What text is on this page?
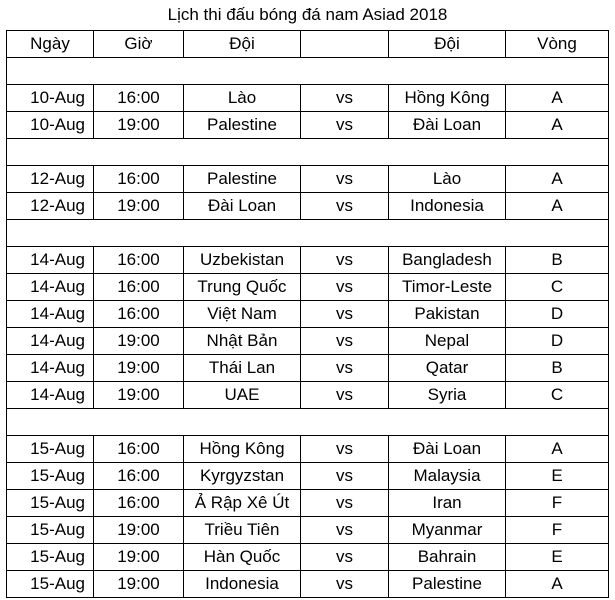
Lịch thi đấu bóng đá nam Asiad 2018
Ngày	Giờ	Đội		Đội	Vòng

10-Aug	16:00	Lào	vs	Hồng Kông	A
10-Aug	19:00	Palestine	vs	Đài Loan	A

12-Aug	16:00	Palestine	vs	Lào	A
12-Aug	19:00	Đài Loan	vs	Indonesia	A

14-Aug	16:00	Uzbekistan	vs	Bangladesh	B
14-Aug	16:00	Trung Quốc	vs	Timor-Leste	C
14-Aug	16:00	Việt Nam	vs	Pakistan	D
14-Aug	19:00	Nhật Bản	vs	Nepal	D
14-Aug	19:00	Thái Lan	vs	Qatar	B
14-Aug	19:00	UAE	vs	Syria	C

15-Aug	16:00	Hồng Kông	vs	Đài Loan	A
15-Aug	16:00	Kyrgyzstan	vs	Malaysia	E
15-Aug	16:00	Ả Rập Xê Út	vs	Iran	F
15-Aug	19:00	Triều Tiên	vs	Myanmar	F
15-Aug	19:00	Hàn Quốc	vs	Bahrain	E
15-Aug	19:00	Indonesia	vs	Palestine	A
